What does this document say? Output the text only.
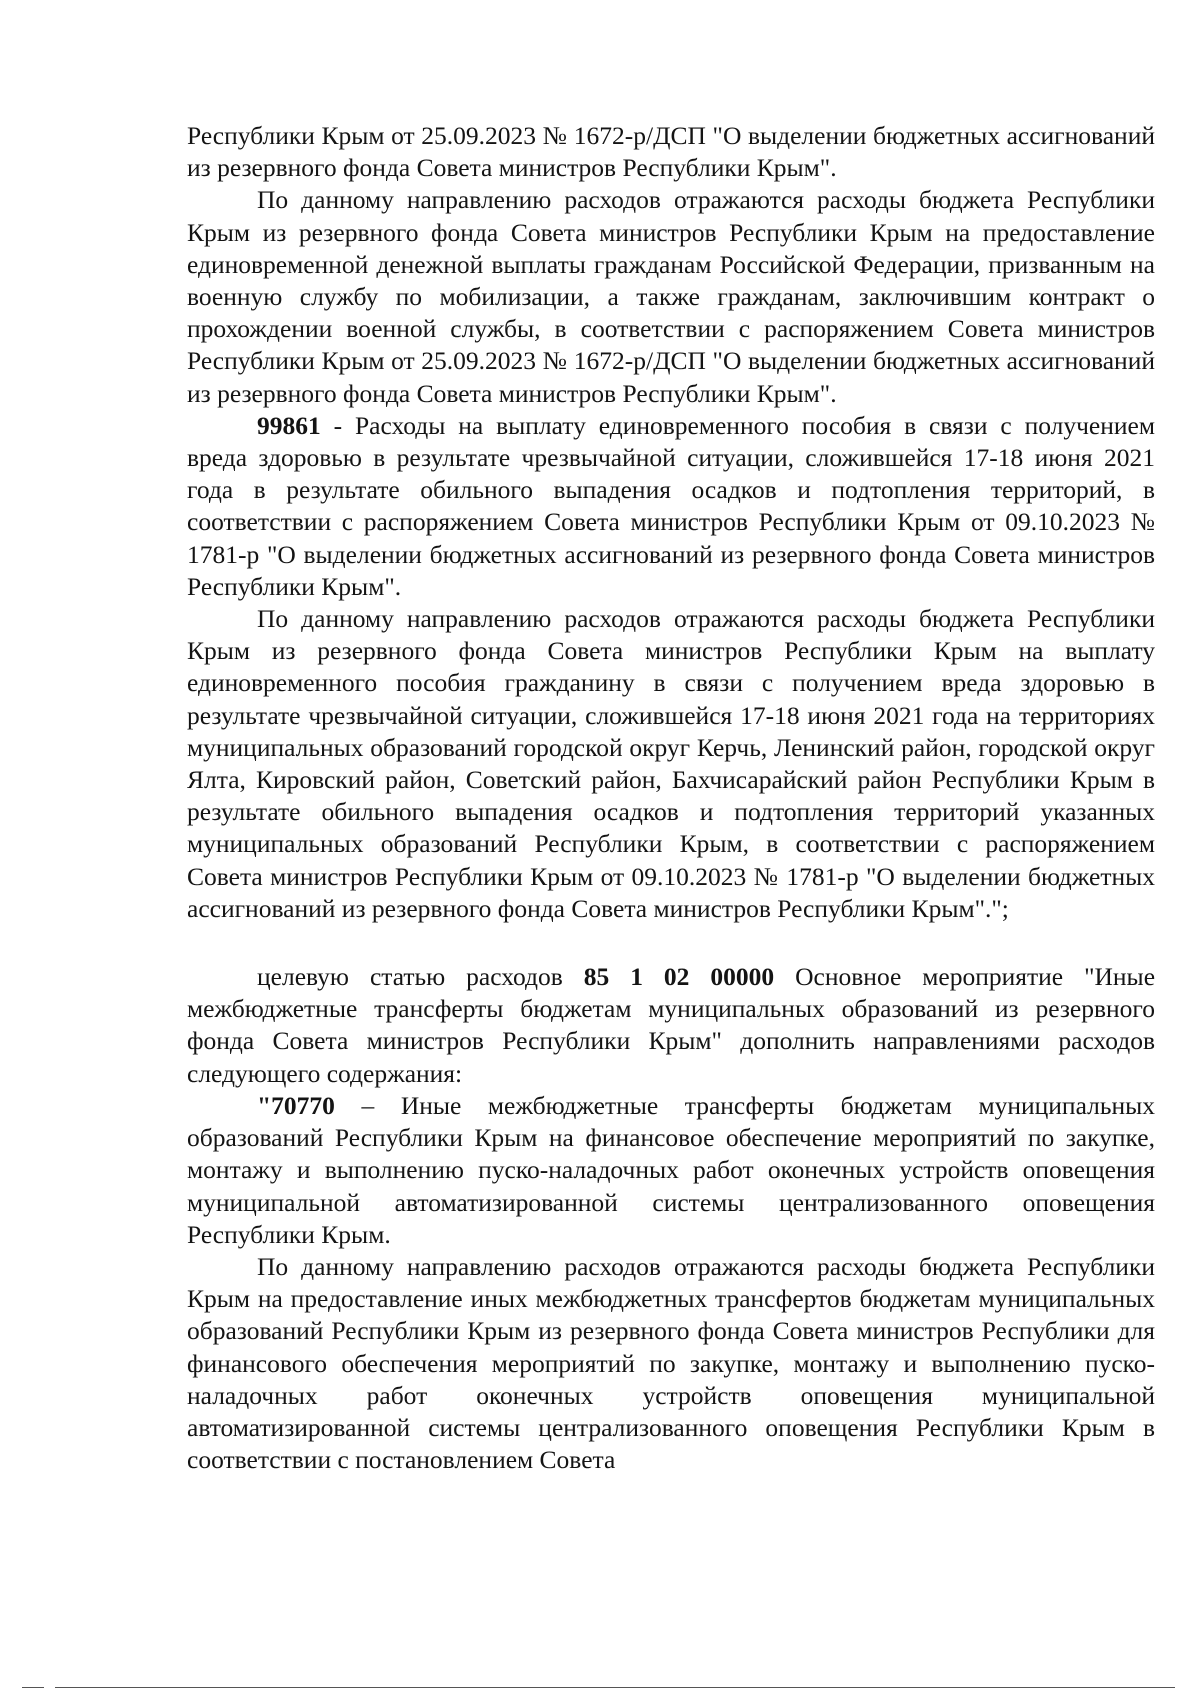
Республики Крым от 25.09.2023 № 1672-р/ДСП "О выделении бюджетных ассигнований из резервного фонда Совета министров Республики Крым".

По данному направлению расходов отражаются расходы бюджета Республики Крым из резервного фонда Совета министров Республики Крым на предоставление единовременной денежной выплаты гражданам Российской Федерации, призванным на военную службу по мобилизации, а также гражданам, заключившим контракт о прохождении военной службы, в соответствии с распоряжением Совета министров Республики Крым от 25.09.2023 № 1672-р/ДСП "О выделении бюджетных ассигнований из резервного фонда Совета министров Республики Крым".

99861 - Расходы на выплату единовременного пособия в связи с получением вреда здоровью в результате чрезвычайной ситуации, сложившейся 17-18 июня 2021 года в результате обильного выпадения осадков и подтопления территорий, в соответствии с распоряжением Совета министров Республики Крым от 09.10.2023 № 1781-р "О выделении бюджетных ассигнований из резервного фонда Совета министров Республики Крым".

По данному направлению расходов отражаются расходы бюджета Республики Крым из резервного фонда Совета министров Республики Крым на выплату единовременного пособия гражданину в связи с получением вреда здоровью в результате чрезвычайной ситуации, сложившейся 17-18 июня 2021 года на территориях муниципальных образований городской округ Керчь, Ленинский район, городской округ Ялта, Кировский район, Советский район, Бахчисарайский район Республики Крым в результате обильного выпадения осадков и подтопления территорий указанных муниципальных образований Республики Крым, в соответствии с распоряжением Совета министров Республики Крым от 09.10.2023 № 1781-р "О выделении бюджетных ассигнований из резервного фонда Совета министров Республики Крым".";

целевую статью расходов 85 1 02 00000 Основное мероприятие "Иные межбюджетные трансферты бюджетам муниципальных образований из резервного фонда Совета министров Республики Крым" дополнить направлениями расходов следующего содержания:

"70770 – Иные межбюджетные трансферты бюджетам муниципальных образований Республики Крым на финансовое обеспечение мероприятий по закупке, монтажу и выполнению пуско-наладочных работ оконечных устройств оповещения муниципальной автоматизированной системы централизованного оповещения Республики Крым.

По данному направлению расходов отражаются расходы бюджета Республики Крым на предоставление иных межбюджетных трансфертов бюджетам муниципальных образований Республики Крым из резервного фонда Совета министров Республики для финансового обеспечения мероприятий по закупке, монтажу и выполнению пуско-наладочных работ оконечных устройств оповещения муниципальной автоматизированной системы централизованного оповещения Республики Крым в соответствии с постановлением Совета
